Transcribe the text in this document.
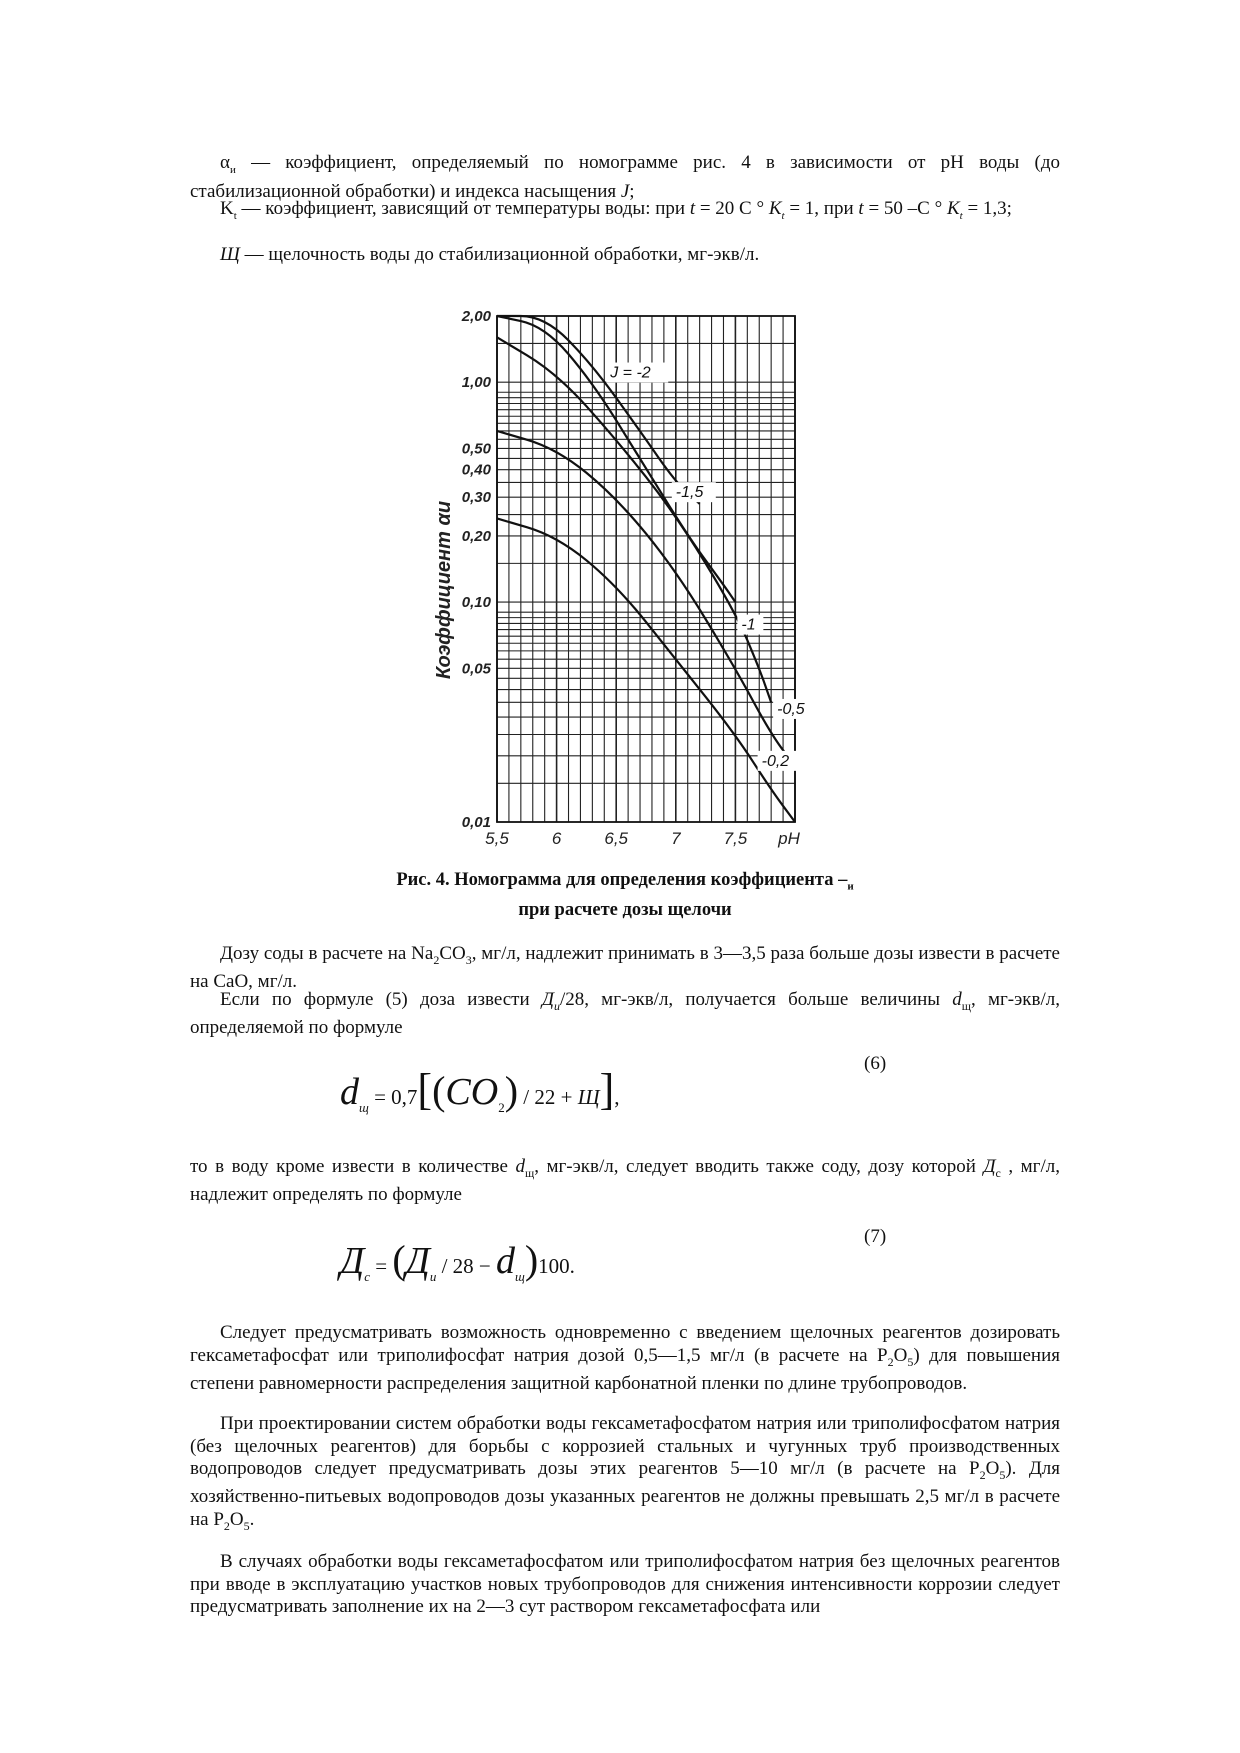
$\alpha_и$ — коэффициент, определяемый по номограмме рис. 4 в зависимости от рН воды (до стабилизационной обработки) и индекса насыщения J;

$K_t$ — коэффициент, зависящий от температуры воды: при t = 20 C ° $K_t = 1$, при t = 50 –C ° $K_t = 1,3$;

Щ — щелочность воды до стабилизационной обработки, мг-экв/л.

2,00
1,00
0,50
0,40
0,30
0,20
0,10
0,05
0,01
5,5	6	6,5	7	7,5 pH
J = -2
-1,5
-1
-0,5
-0,2
Коэффициент αи
Рис. 4. Номограмма для определения коэффициента $-_и$
при расчете дозы щелочи

Дозу соды в расчете на $Na_2CO_3$, мг/л, надлежит принимать в 3—3,5 раза больше дозы извести в расчете на CaO, мг/л.

Если по формуле (5) доза извести $Д_и/28$, мг-экв/л, получается больше величины $d_щ$, мг-экв/л, определяемой по формуле

(6)
$d_щ = 0,7[(CO_2) / 22 + Щ]$,

то в воду кроме извести в количестве $d_щ$, мг-экв/л, следует вводить также соду, дозу которой $Д_с$ , мг/л, надлежит определять по формуле

(7)
$Д_c = (Д_и / 28 - d_щ)100$.

Следует предусматривать возможность одновременно с введением щелочных реагентов дозировать гексаметафосфат или триполифосфат натрия дозой 0,5—1,5 мг/л (в расчете на $P_2O_5$) для повышения степени равномерности распределения защитной карбонатной пленки по длине трубопроводов.

При проектировании систем обработки воды гексаметафосфатом натрия или триполифосфатом натрия (без щелочных реагентов) для борьбы с коррозией стальных и чугунных труб производственных водопроводов следует предусматривать дозы этих реагентов 5—10 мг/л (в расчете на $P_2O_5$). Для хозяйственно-питьевых водопроводов дозы указанных реагентов не должны превышать 2,5 мг/л в расчете на $P_2O_5$.

В случаях обработки воды гексаметафосфатом или триполифосфатом натрия без щелочных реагентов при вводе в эксплуатацию участков новых трубопроводов для снижения интенсивности коррозии следует предусматривать заполнение их на 2—3 сут раствором гексаметафосфата или
